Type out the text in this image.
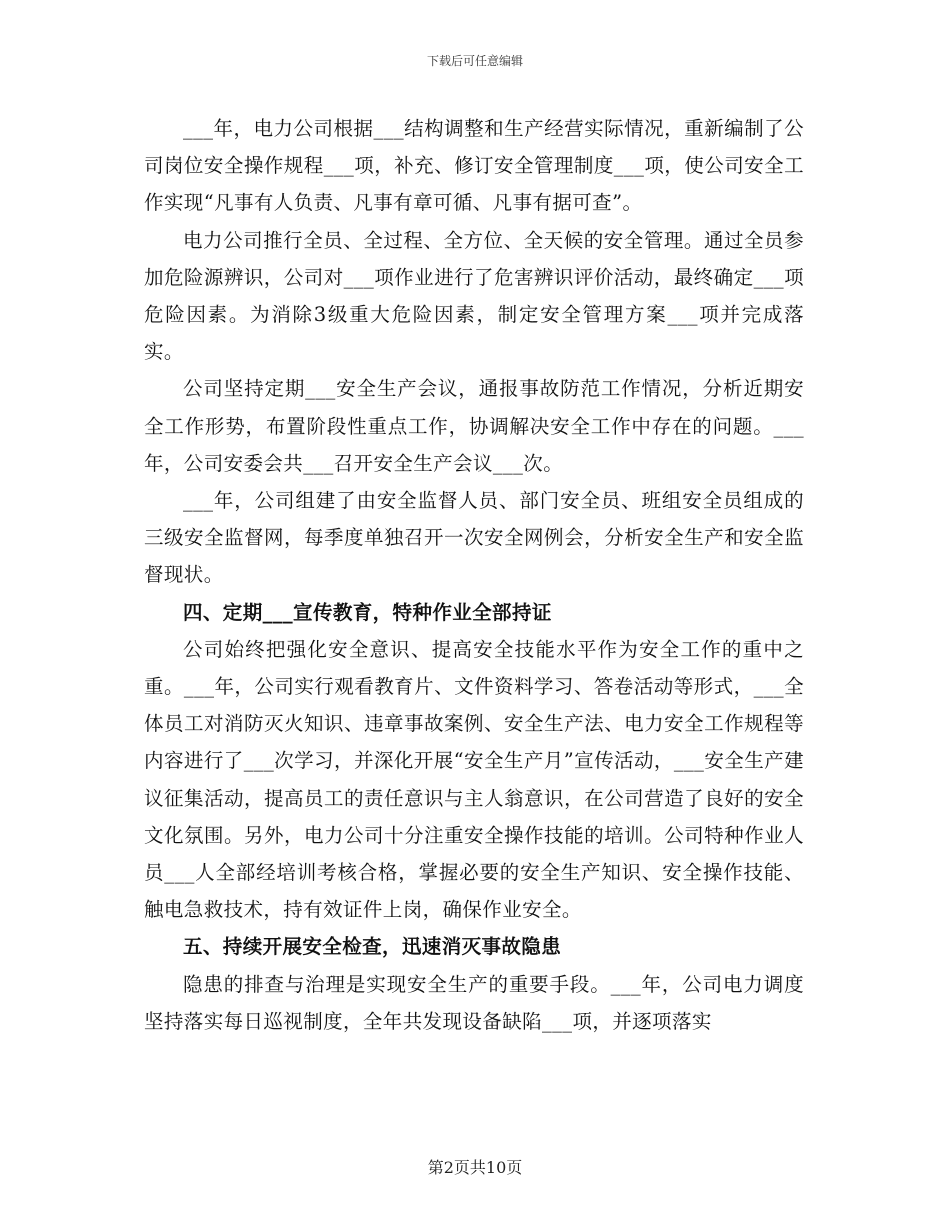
下载后可任意编辑

___年，电力公司根据___结构调整和生产经营实际情况，重新编制了公司岗位安全操作规程___项，补充、修订安全管理制度___项，使公司安全工作实现“凡事有人负责、凡事有章可循、凡事有据可查”。

电力公司推行全员、全过程、全方位、全天候的安全管理。通过全员参加危险源辨识，公司对___项作业进行了危害辨识评价活动，最终确定___项危险因素。为消除3级重大危险因素，制定安全管理方案___项并完成落实。

公司坚持定期___安全生产会议，通报事故防范工作情况，分析近期安全工作形势，布置阶段性重点工作，协调解决安全工作中存在的问题。___年，公司安委会共___召开安全生产会议___次。

___年，公司组建了由安全监督人员、部门安全员、班组安全员组成的三级安全监督网，每季度单独召开一次安全网例会，分析安全生产和安全监督现状。

四、定期___宣传教育，特种作业全部持证

公司始终把强化安全意识、提高安全技能水平作为安全工作的重中之重。___年，公司实行观看教育片、文件资料学习、答卷活动等形式，___全体员工对消防灭火知识、违章事故案例、安全生产法、电力安全工作规程等内容进行了___次学习，并深化开展“安全生产月”宣传活动，___安全生产建议征集活动，提高员工的责任意识与主人翁意识，在公司营造了良好的安全文化氛围。另外，电力公司十分注重安全操作技能的培训。公司特种作业人员___人全部经培训考核合格，掌握必要的安全生产知识、安全操作技能、触电急救技术，持有效证件上岗，确保作业安全。

五、持续开展安全检查，迅速消灭事故隐患

隐患的排查与治理是实现安全生产的重要手段。___年，公司电力调度坚持落实每日巡视制度，全年共发现设备缺陷___项，并逐项落实

第2页共10页
